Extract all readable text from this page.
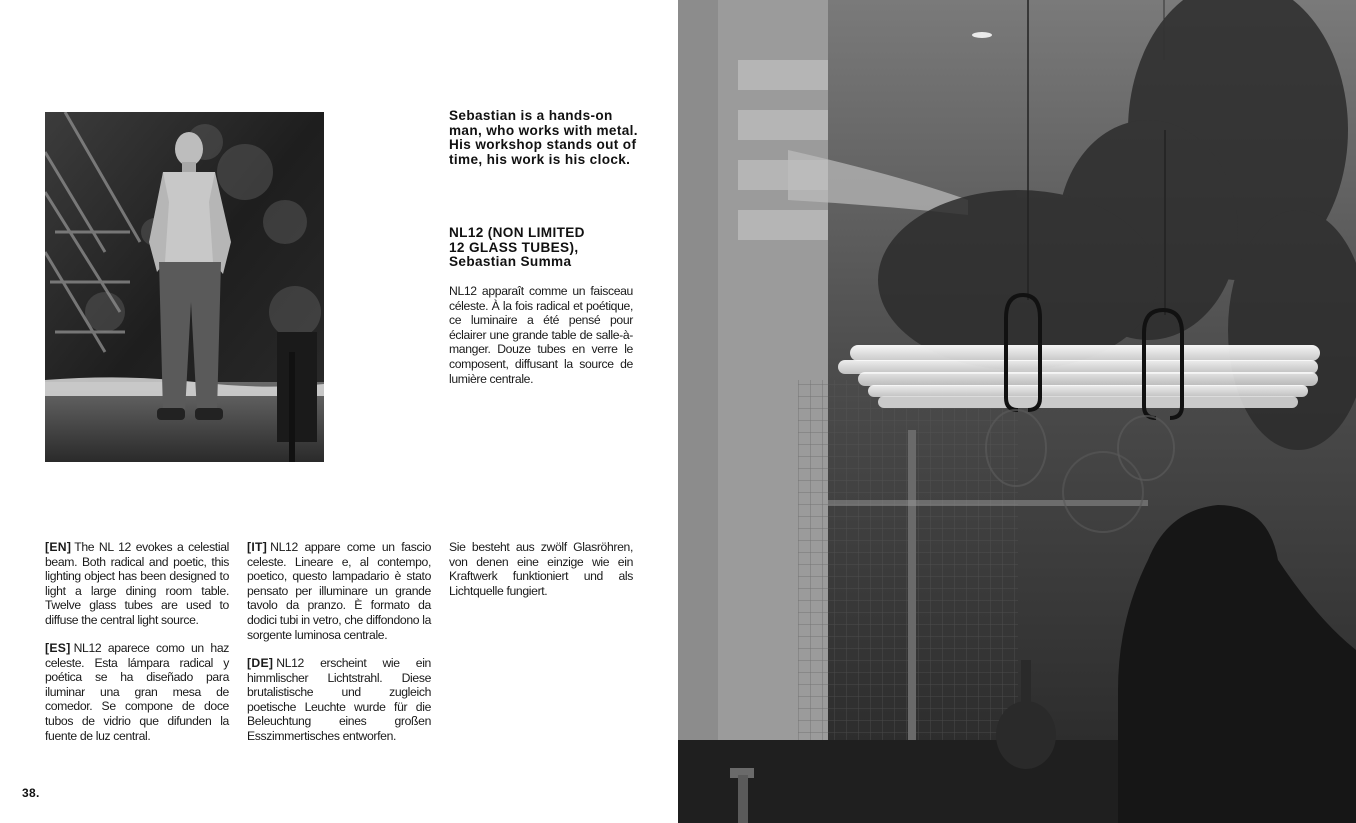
Sebastian is a hands-on man, who works with metal. His workshop stands out of time, his work is his clock.

NL12 (NON LIMITED
12 GLASS TUBES),
Sebastian Summa

NL12 apparaît comme un faisceau céleste. À la fois radical et poétique, ce luminaire a été pensé pour éclairer une grande table de salle-à-manger. Douze tubes en verre le composent, diffusant la source de lumière centrale.

[EN] The NL 12 evokes a celestial beam. Both radical and poetic, this lighting object has been designed to light a large dining room table. Twelve glass tubes are used to diffuse the central light source.

[ES] NL12 aparece como un haz celeste. Esta lámpara radical y poética se ha diseñado para iluminar una gran mesa de comedor. Se compone de doce tubos de vidrio que difunden la fuente de luz central.

[IT] NL12 appare come un fascio celeste. Lineare e, al contempo, poetico, questo lampadario è stato pensato per illuminare un grande tavolo da pranzo. È formato da dodici tubi in vetro, che diffondono la sorgente luminosa centrale.

[DE] NL12 erscheint wie ein himmlischer Lichtstrahl. Diese brutalistische und zugleich poetische Leuchte wurde für die Beleuchtung eines großen Esszimmertisches entworfen.

Sie besteht aus zwölf Glasröhren, von denen eine einzige wie ein Kraftwerk funktioniert und als Lichtquelle fungiert.

38.
